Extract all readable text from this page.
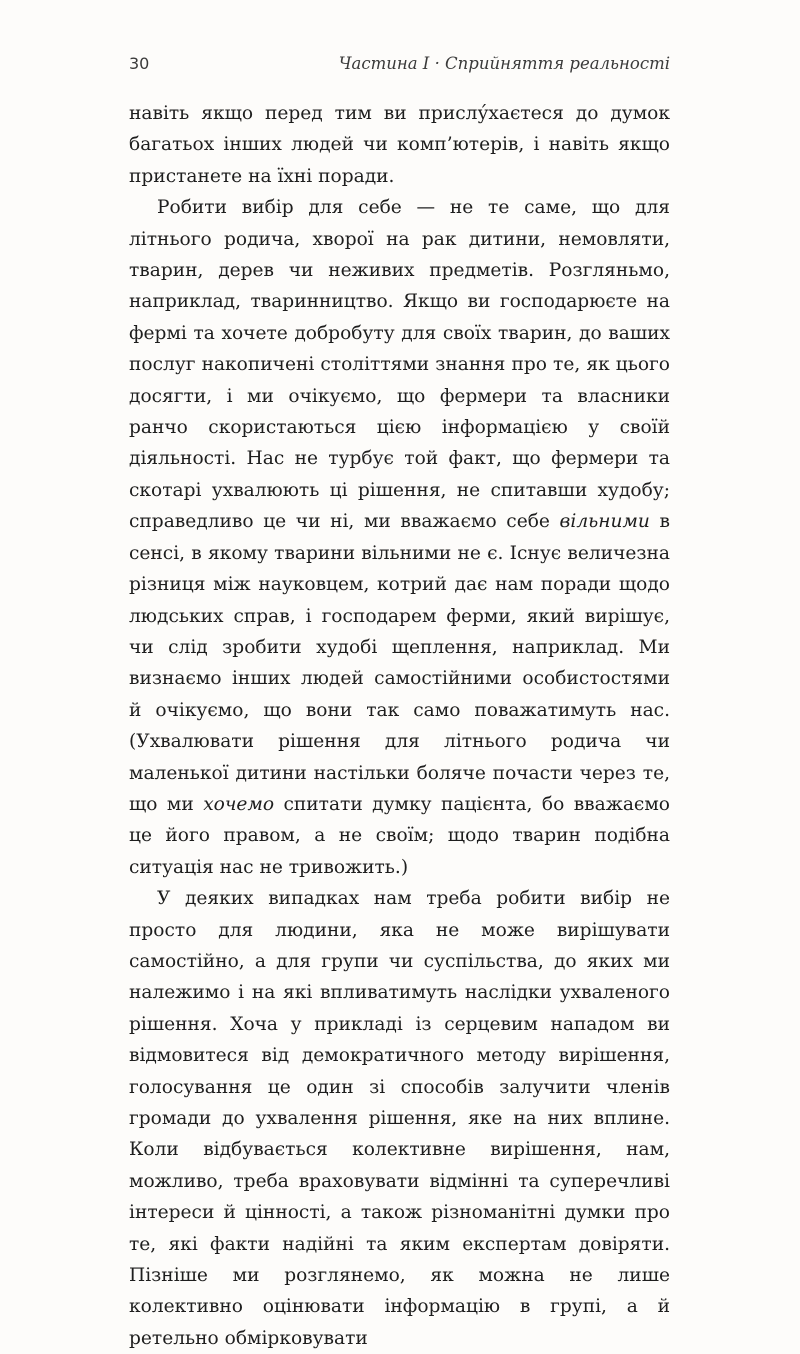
30	Частина I · Сприйняття реальності

навіть якщо перед тим ви прислу́хаєтеся до думок багатьох інших людей чи комп’ютерів, і навіть якщо пристанете на їхні поради.

Робити вибір для себе — не те саме, що для літнього родича, хворої на рак дитини, немовляти, тварин, дерев чи неживих предметів. Розгляньмо, наприклад, тваринництво. Якщо ви господарюєте на фермі та хочете добробуту для своїх тварин, до ваших послуг накопичені століттями знання про те, як цього досягти, і ми очікуємо, що фермери та власники ранчо скористаються цією інформацією у своїй діяльності. Нас не турбує той факт, що фермери та скотарі ухвалюють ці рішення, не спитавши худобу; справедливо це чи ні, ми вважаємо себе вільними в сенсі, в якому тварини вільними не є. Існує величезна різниця між науковцем, котрий дає нам поради щодо людських справ, і господарем ферми, який вирішує, чи слід зробити худобі щеплення, наприклад. Ми визнаємо інших людей самостійними особистостями й очікуємо, що вони так само поважатимуть нас. (Ухвалювати рішення для літнього родича чи маленької дитини настільки боляче почасти через те, що ми хочемо спитати думку пацієнта, бо вважаємо це його правом, а не своїм; щодо тварин подібна ситуація нас не тривожить.)

У деяких випадках нам треба робити вибір не просто для людини, яка не може вирішувати самостійно, а для групи чи суспільства, до яких ми належимо і на які впливатимуть наслідки ухваленого рішення. Хоча у прикладі із серцевим нападом ви відмовитеся від демократичного методу вирішення, голосування це один зі способів залучити членів громади до ухвалення рішення, яке на них вплине. Коли відбувається колективне вирішення, нам, можливо, треба враховувати відмінні та суперечливі інтереси й цінності, а також різноманітні думки про те, які факти надійні та яким експертам довіряти. Пізніше ми розглянемо, як можна не лише колективно оцінювати інформацію в групі, а й ретельно обмірковувати
